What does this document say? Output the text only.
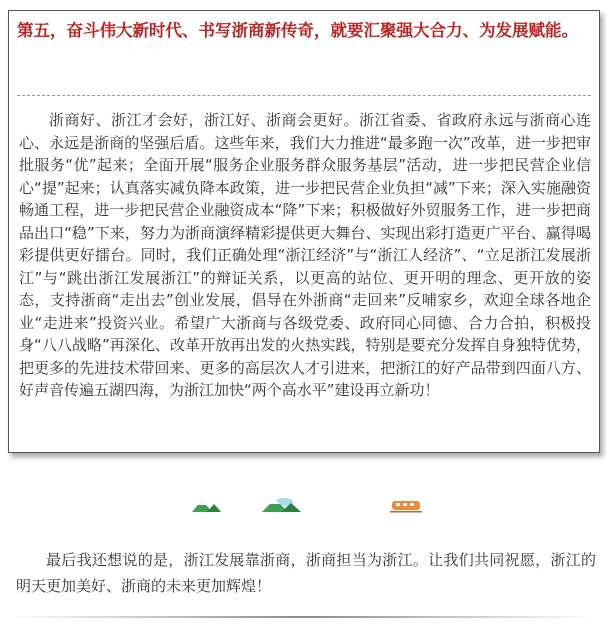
第五，奋斗伟大新时代、书写浙商新传奇，就要汇聚强大合力、为发展赋能。

浙商好、浙江才会好，浙江好、浙商会更好。浙江省委、省政府永远与浙商心连心、永远是浙商的坚强后盾。这些年来，我们大力推进“最多跑一次”改革，进一步把审批服务“优”起来；全面开展“服务企业服务群众服务基层”活动，进一步把民营企业信心“提”起来；认真落实减负降本政策，进一步把民营企业负担“减”下来；深入实施融资畅通工程，进一步把民营企业融资成本“降”下来；积极做好外贸服务工作，进一步把商品出口“稳”下来，努力为浙商演绎精彩提供更大舞台、实现出彩打造更广平台、赢得喝彩提供更好擂台。同时，我们正确处理“浙江经济”与“浙江人经济”、“立足浙江发展浙江”与“跳出浙江发展浙江”的辩证关系，以更高的站位、更开明的理念、更开放的姿态，支持浙商“走出去”创业发展，倡导在外浙商“走回来”反哺家乡，欢迎全球各地企业“走进来”投资兴业。希望广大浙商与各级党委、政府同心同德、合力合拍，积极投身“八八战略”再深化、改革开放再出发的火热实践，特别是要充分发挥自身独特优势，把更多的先进技术带回来、更多的高层次人才引进来，把浙江的好产品带到四面八方、好声音传遍五湖四海，为浙江加快“两个高水平”建设再立新功！

最后我还想说的是，浙江发展靠浙商，浙商担当为浙江。让我们共同祝愿，浙江的明天更加美好、浙商的未来更加辉煌！
